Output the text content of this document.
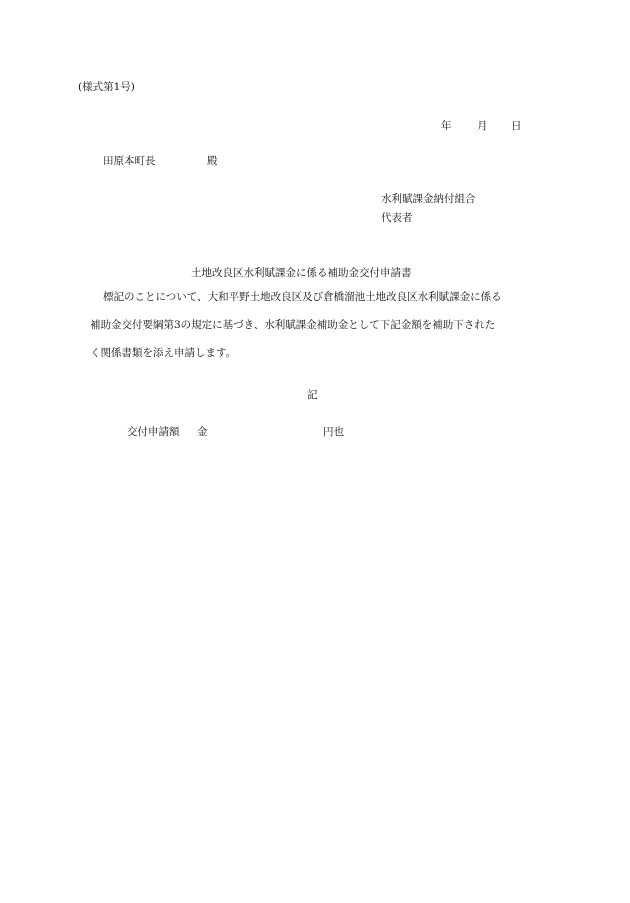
(様式第1号)
年 月 日
田原本町長	殿
水利賦課金納付組合
代表者
土地改良区水利賦課金に係る補助金交付申請書
標記のことについて、大和平野土地改良区及び倉橋溜池土地改良区水利賦課金に係る
補助金交付要綱第3の規定に基づき、水利賦課金補助金として下記金額を補助下された
く関係書類を添え申請します。
記
交付申請額 金	円也
